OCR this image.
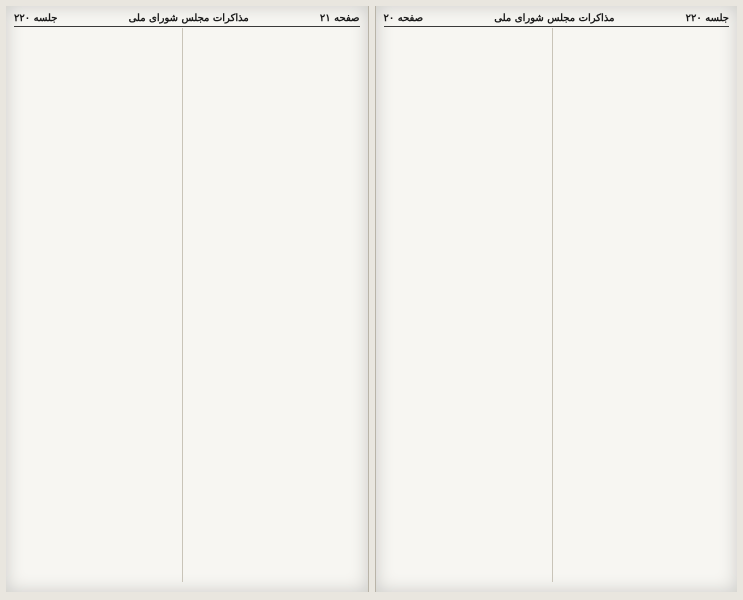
صفحه ۲۱
مذاکرات مجلس شورای ملی
جلسه ۲۲۰	جلسه ۲۲۰
مذاکرات مجلس شورای ملی
صفحه ۲۰
